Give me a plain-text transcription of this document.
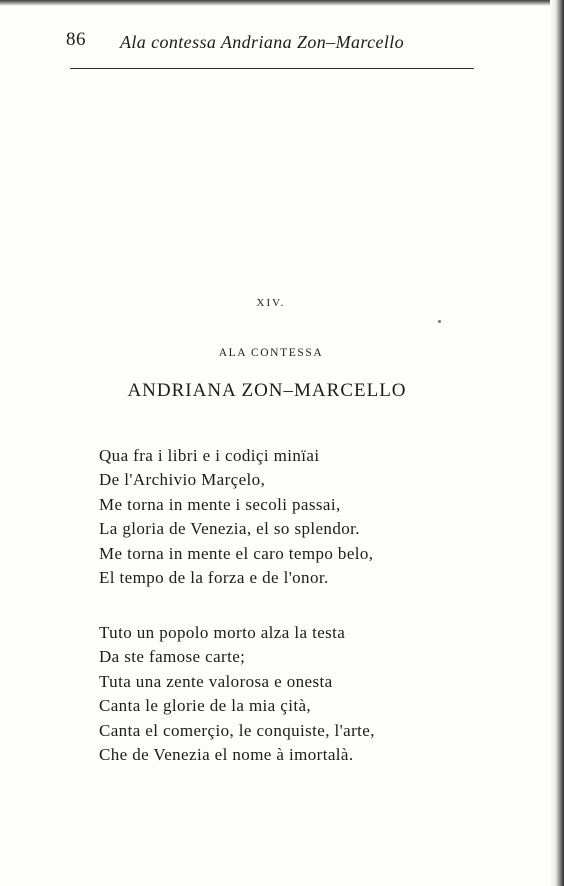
86 Ala contessa Andriana Zon–Marcello
XIV.
ALA CONTESSA
ANDRIANA ZON–MARCELLO
Qua fra i libri e i codiçi minïai
De l'Archivio Marçelo,
Me torna in mente i secoli passai,
La gloria de Venezia, el so splendor.
Me torna in mente el caro tempo belo,
El tempo de la forza e de l'onor.
Tuto un popolo morto alza la testa
Da ste famose carte;
Tuta una zente valorosa e onesta
Canta le glorie de la mia çità,
Canta el comerçio, le conquiste, l'arte,
Che de Venezia el nome à imortalà.
